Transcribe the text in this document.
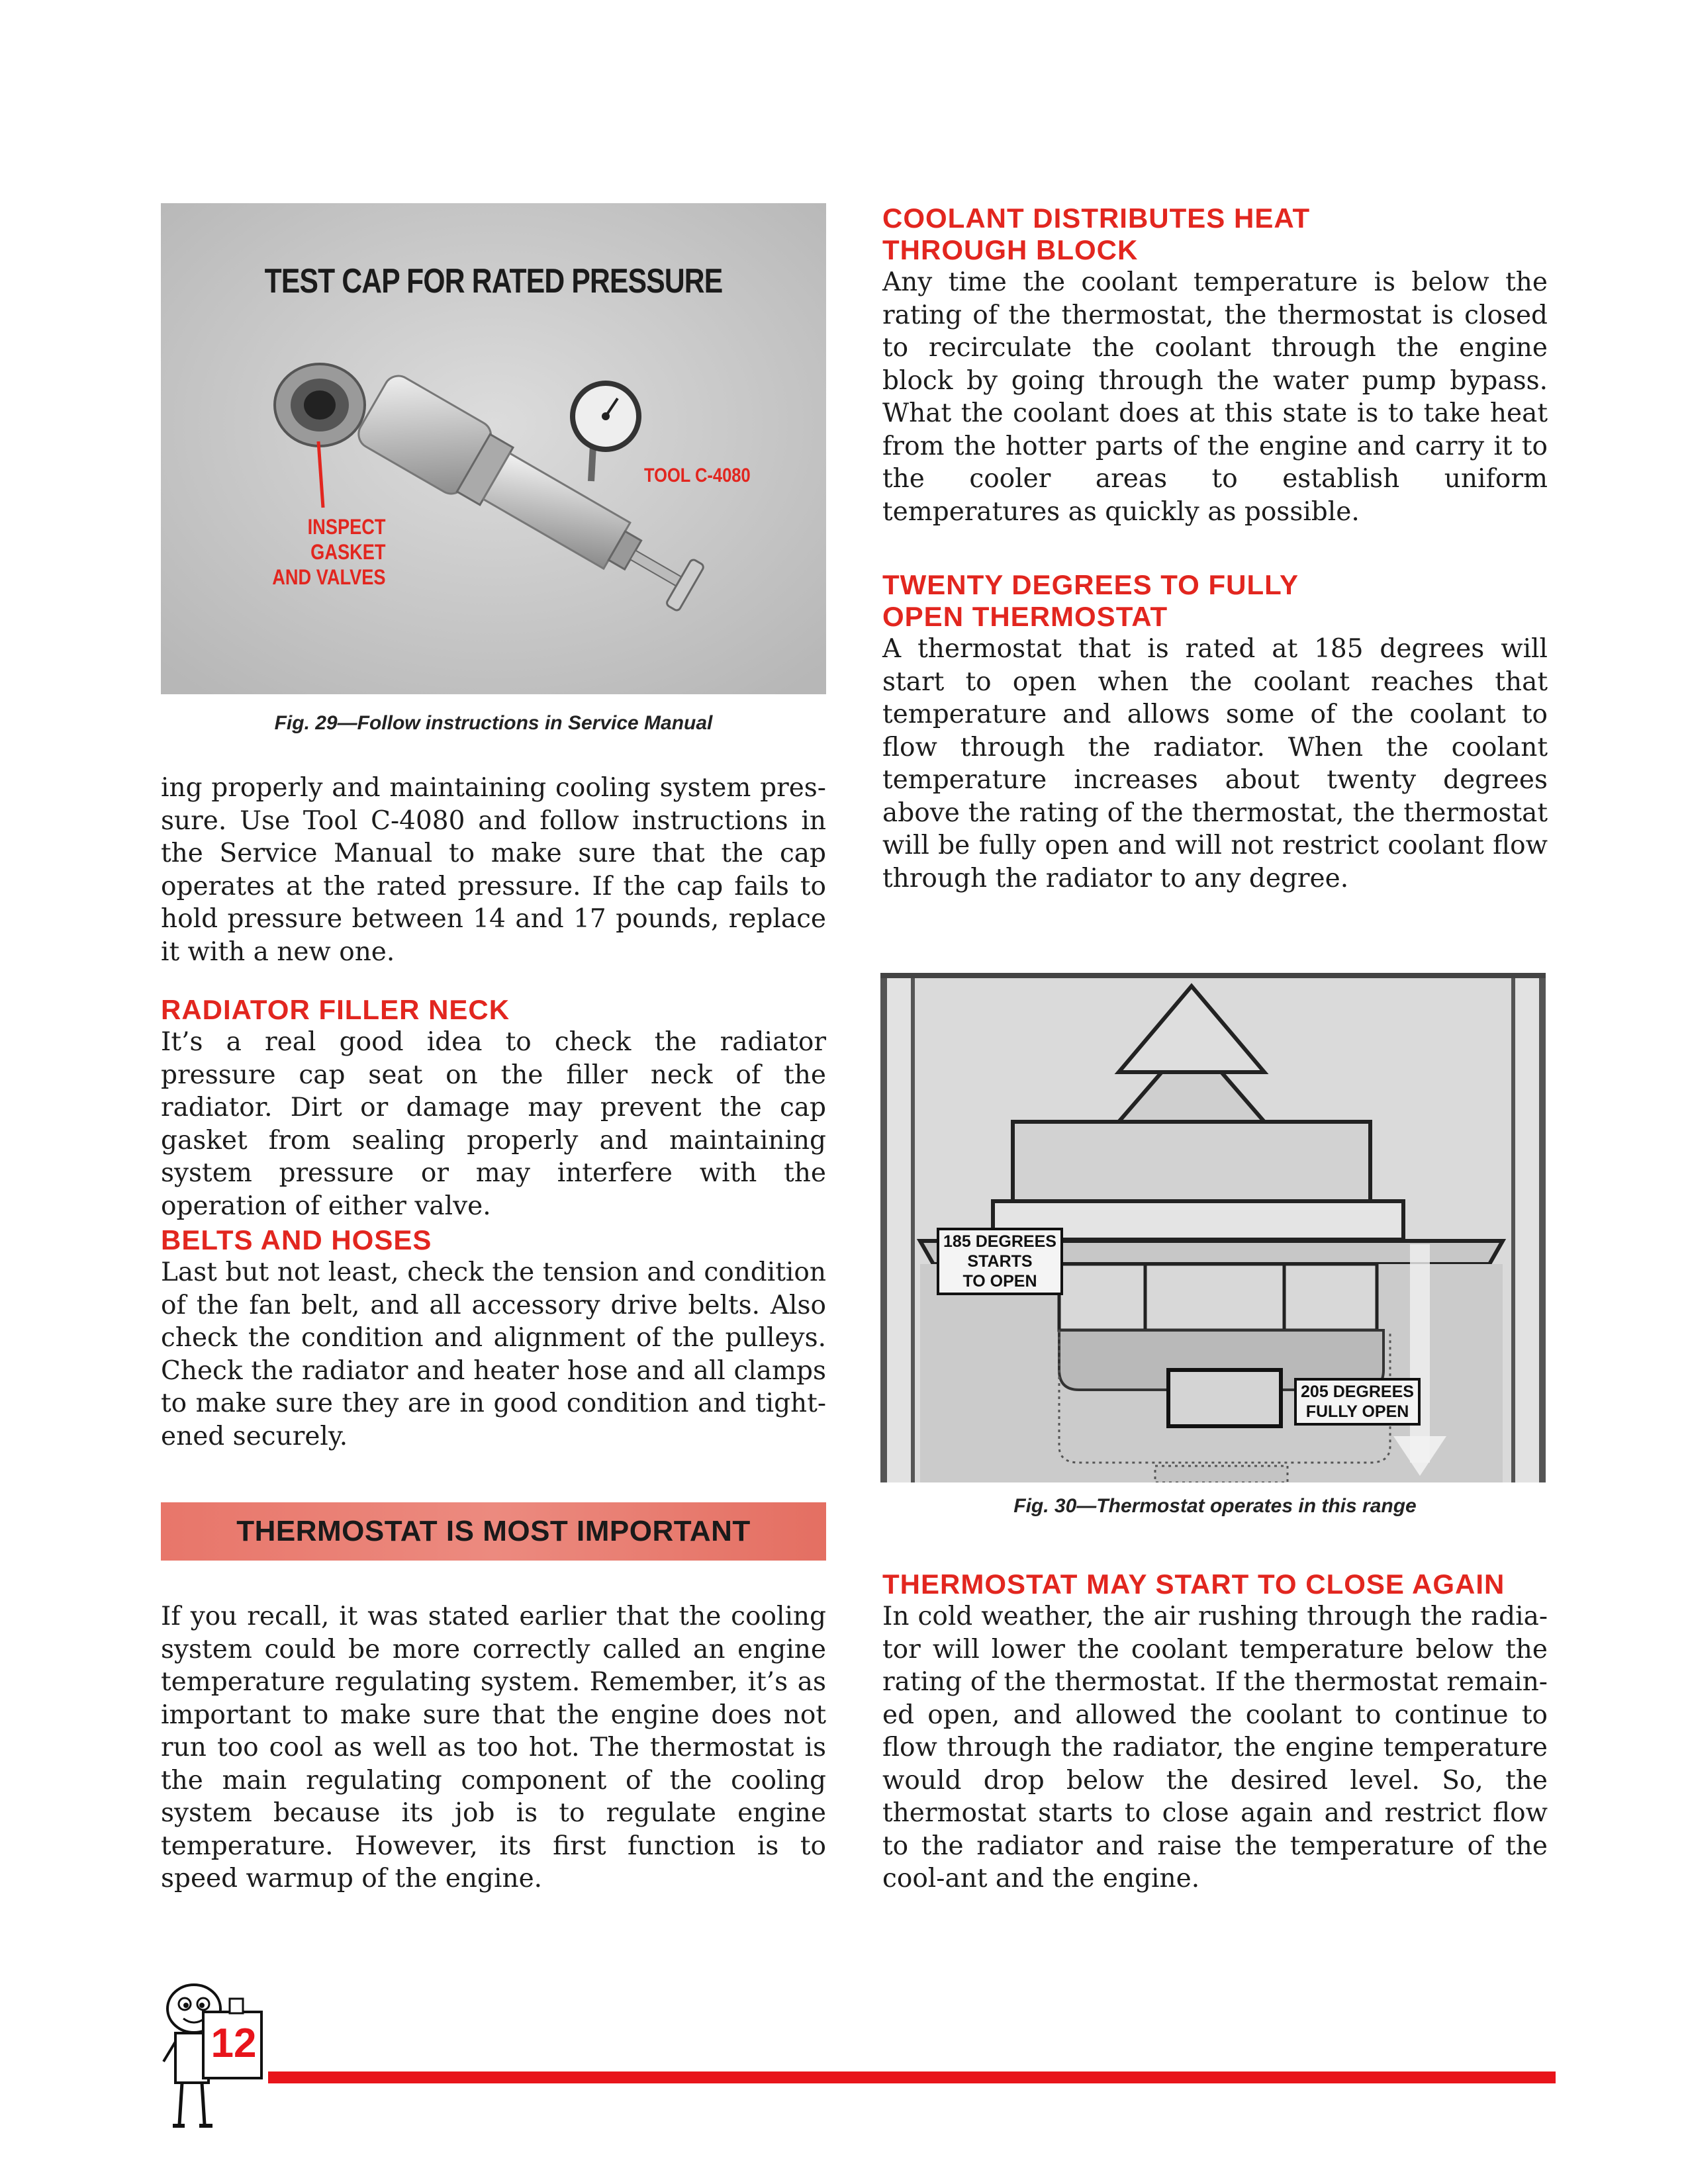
TEST CAP FOR RATED PRESSURE
INSPECT GASKET
AND VALVES
TOOL C-4080
Fig. 29—Follow instructions in Service Manual

ing properly and maintaining cooling system pres-sure. Use Tool C-4080 and follow instructions in the Service Manual to make sure that the cap operates at the rated pressure. If the cap fails to hold pressure between 14 and 17 pounds, replace it with a new one.

RADIATOR FILLER NECK

It’s a real good idea to check the radiator pressure cap seat on the filler neck of the radiator. Dirt or damage may prevent the cap gasket from sealing properly and maintaining system pressure or may interfere with the operation of either valve.

BELTS AND HOSES

Last but not least, check the tension and condition of the fan belt, and all accessory drive belts. Also check the condition and alignment of the pulleys. Check the radiator and heater hose and all clamps to make sure they are in good condition and tight-ened securely.

THERMOSTAT IS MOST IMPORTANT

If you recall, it was stated earlier that the cooling system could be more correctly called an engine temperature regulating system. Remember, it’s as important to make sure that the engine does not run too cool as well as too hot. The thermostat is the main regulating component of the cooling system because its job is to regulate engine temperature. However, its first function is to speed warmup of the engine.

COOLANT DISTRIBUTES HEAT

THROUGH BLOCK

Any time the coolant temperature is below the rating of the thermostat, the thermostat is closed to recirculate the coolant through the engine block by going through the water pump bypass. What the coolant does at this state is to take heat from the hotter parts of the engine and carry it to the cooler areas to establish uniform temperatures as quickly as possible.

TWENTY DEGREES TO FULLY

OPEN THERMOSTAT

A thermostat that is rated at 185 degrees will start to open when the coolant reaches that temperature and allows some of the coolant to flow through the radiator. When the coolant temperature increases about twenty degrees above the rating of the thermostat, the thermostat will be fully open and will not restrict coolant flow through the radiator to any degree.

185 DEGREES
STARTS
TO OPEN
205 DEGREES
FULLY OPEN
Fig. 30—Thermostat operates in this range

THERMOSTAT MAY START TO CLOSE AGAIN

In cold weather, the air rushing through the radia-tor will lower the coolant temperature below the rating of the thermostat. If the thermostat remain-ed open, and allowed the coolant to continue to flow through the radiator, the engine temperature would drop below the desired level. So, the thermostat starts to close again and restrict flow to the radiator and raise the temperature of the cool-ant and the engine.

12
